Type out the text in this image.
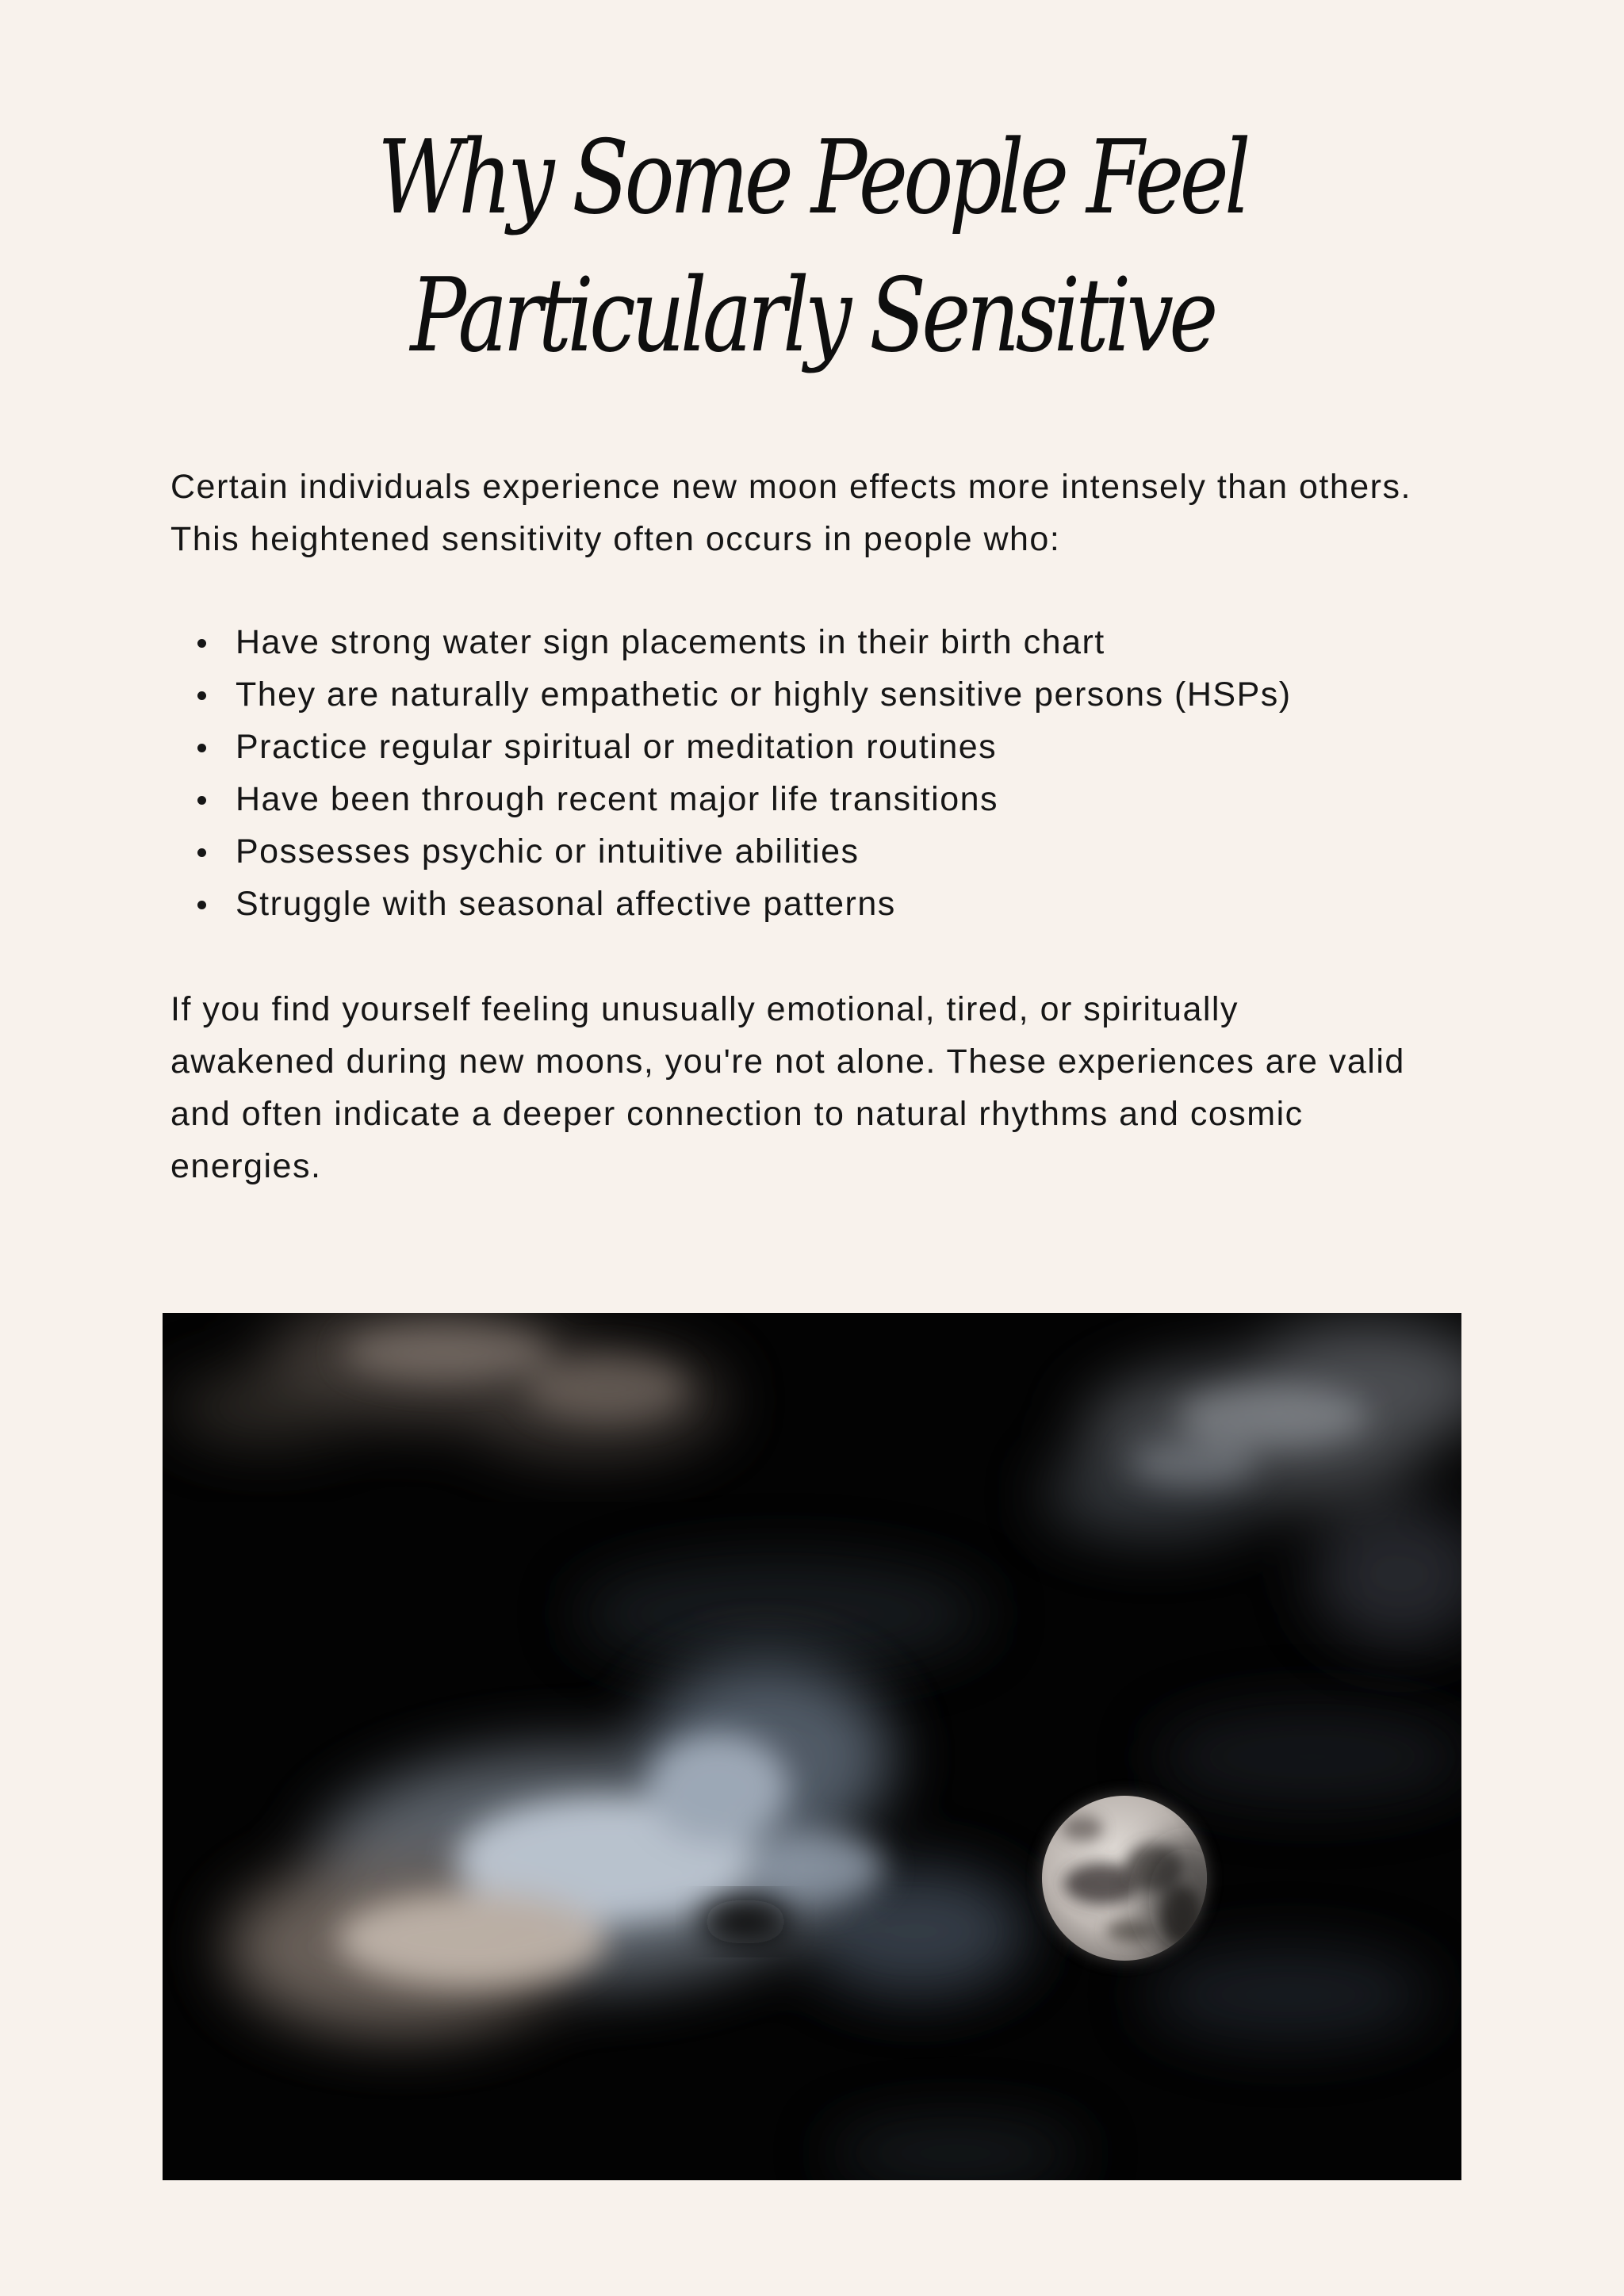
Why Some People Feel
Particularly Sensitive

Certain individuals experience new moon effects more intensely than others.
This heightened sensitivity often occurs in people who:

Have strong water sign placements in their birth chart
They are naturally empathetic or highly sensitive persons (HSPs)
Practice regular spiritual or meditation routines
Have been through recent major life transitions
Possesses psychic or intuitive abilities
Struggle with seasonal affective patterns

If you find yourself feeling unusually emotional, tired, or spiritually
awakened during new moons, you're not alone. These experiences are valid
and often indicate a deeper connection to natural rhythms and cosmic
energies.
